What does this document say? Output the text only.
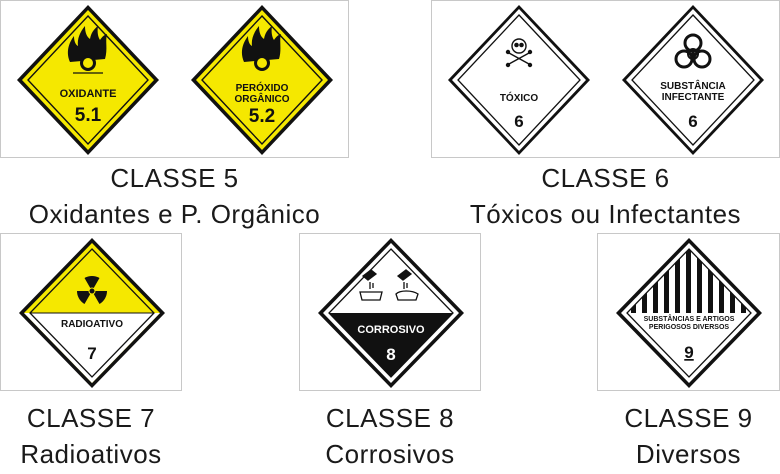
OXIDANTE
5.1
PERÓXIDO
ORGÂNICO
5.2
CLASSE 5
Oxidantes e P. Orgânico
TÓXICO
6
SUBSTÂNCIA
INFECTANTE
6
CLASSE 6
Tóxicos ou Infectantes
RADIOATIVO
7
CLASSE 7
Radioativos
CORROSIVO
8
CLASSE 8
Corrosivos
SUBSTÂNCIAS E ARTIGOS
PERIGOSOS DIVERSOS
9
CLASSE 9
Diversos
